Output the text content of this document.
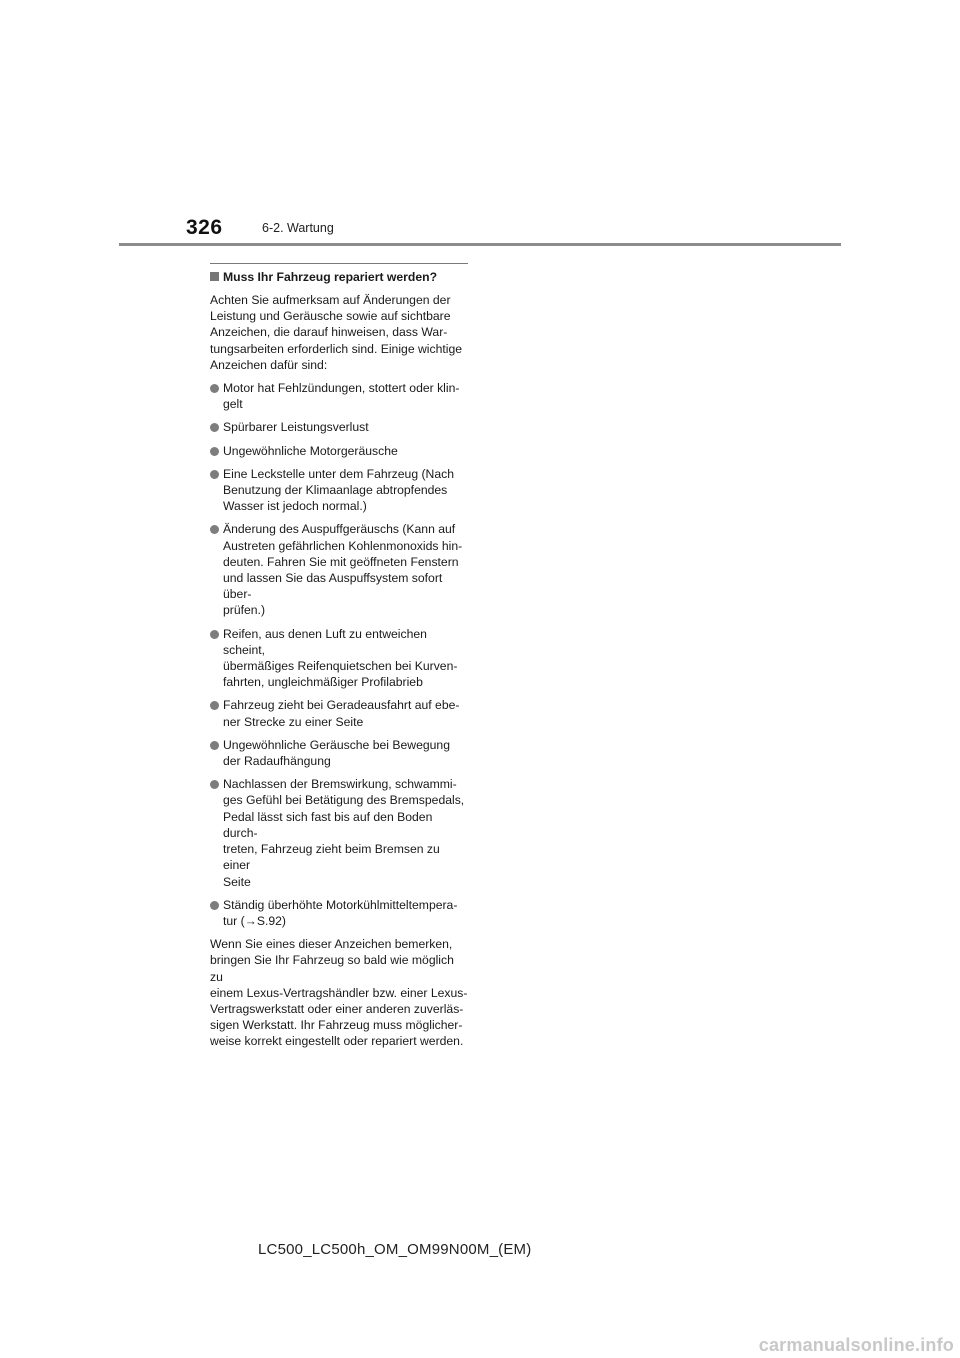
326	6-2. Wartung
Muss Ihr Fahrzeug repariert werden?

Achten Sie aufmerksam auf Änderungen der
Leistung und Geräusche sowie auf sichtbare
Anzeichen, die darauf hinweisen, dass War-
tungsarbeiten erforderlich sind. Einige wichtige
Anzeichen dafür sind:

Motor hat Fehlzündungen, stottert oder klin-
gelt
Spürbarer Leistungsverlust
Ungewöhnliche Motorgeräusche
Eine Leckstelle unter dem Fahrzeug (Nach
Benutzung der Klimaanlage abtropfendes
Wasser ist jedoch normal.)
Änderung des Auspuffgeräuschs (Kann auf
Austreten gefährlichen Kohlenmonoxids hin-
deuten. Fahren Sie mit geöffneten Fenstern
und lassen Sie das Auspuffsystem sofort über-
prüfen.)
Reifen, aus denen Luft zu entweichen scheint,
übermäßiges Reifenquietschen bei Kurven-
fahrten, ungleichmäßiger Profilabrieb
Fahrzeug zieht bei Geradeausfahrt auf ebe-
ner Strecke zu einer Seite
Ungewöhnliche Geräusche bei Bewegung
der Radaufhängung
Nachlassen der Bremswirkung, schwammi-
ges Gefühl bei Betätigung des Bremspedals,
Pedal lässt sich fast bis auf den Boden durch-
treten, Fahrzeug zieht beim Bremsen zu einer
Seite
Ständig überhöhte Motorkühlmitteltempera-
tur (→S.92)

Wenn Sie eines dieser Anzeichen bemerken,
bringen Sie Ihr Fahrzeug so bald wie möglich zu
einem Lexus-Vertragshändler bzw. einer Lexus-
Vertragswerkstatt oder einer anderen zuverläs-
sigen Werkstatt. Ihr Fahrzeug muss möglicher-
weise korrekt eingestellt oder repariert werden.

LC500_LC500h_OM_OM99N00M_(EM)
carmanualsonline.info
